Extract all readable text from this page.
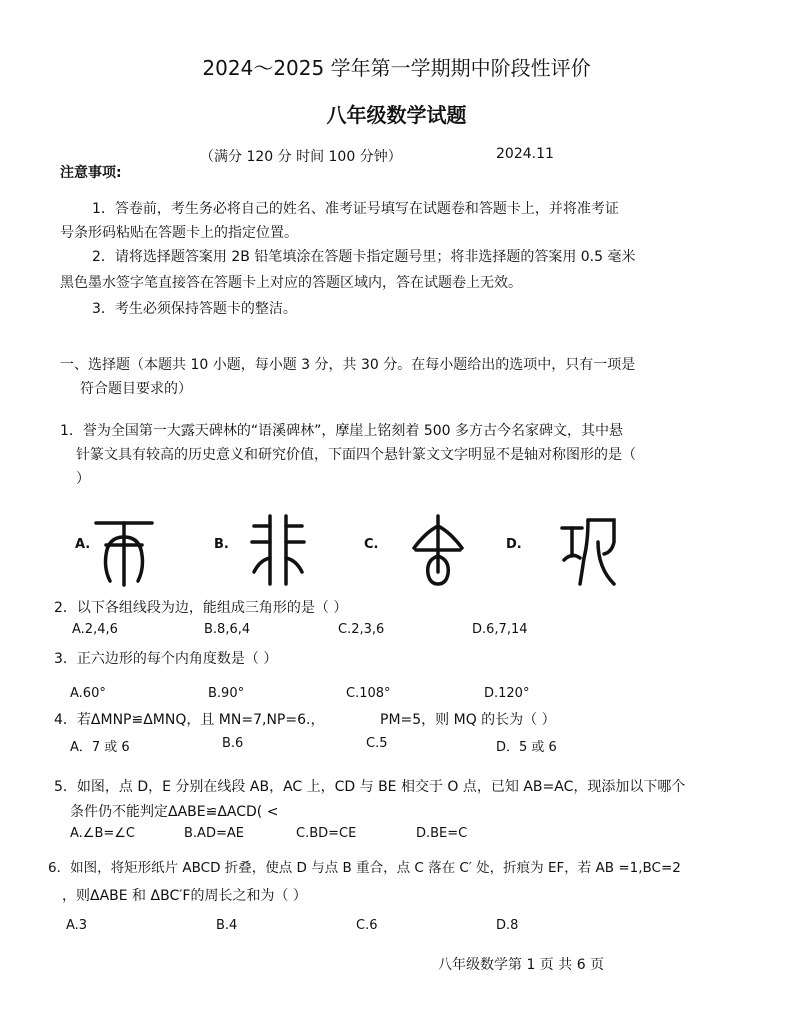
2024～2025 学年第一学期期中阶段性评价
八年级数学试题
（满分 120 分 时间 100 分钟）	2024.11
注意事项:
1．答卷前，考生务必将自己的姓名、准考证号填写在试题卷和答题卡上，并将准考证
号条形码粘贴在答题卡上的指定位置。
2．请将选择题答案用 2B 铅笔填涂在答题卡指定题号里；将非选择题的答案用 0.5 毫米
黑色墨水签字笔直接答在答题卡上对应的答题区域内，答在试题卷上无效。
3．考生必须保持答题卡的整洁。
一、选择题（本题共 10 小题，每小题 3 分，共 30 分。在每小题给出的选项中，只有一项是
符合题目要求的）
1．誉为全国第一大露天碑林的“语溪碑林”，摩崖上铭刻着 500 多方古今名家碑文，其中悬
针篆文具有较高的历史意义和研究价值，下面四个悬针篆文文字明显不是轴对称图形的是（
）
A.	B.	C.	D.
2．以下各组线段为边，能组成三角形的是（ ）
A.2,4,6	B.8,6,4	C.2,3,6	D.6,7,14
3．正六边形的每个内角度数是（ ）
A.60°	B.90°	C.108°	D.120°
4．若ΔMNP≌ΔMNQ，且 MN=7,NP=6.，	PM=5，则 MQ 的长为（ ）
A．7 或 6	B.6	C.5	D．5 或 6
5．如图，点 D，E 分别在线段 AB，AC 上，CD 与 BE 相交于 O 点，已知 AB=AC，现添加以下哪个
条件仍不能判定ΔABE≌ΔACD( <
A.∠B=∠C	B.AD=AE	C.BD=CE	D.BE=C
6．如图，将矩形纸片 ABCD 折叠，使点 D 与点 B 重合，点 C 落在 C′ 处，折痕为 EF，若 AB =1,BC=2
，则ΔABE 和 ΔBC′F的周长之和为（ ）
A.3	B.4	C.6	D.8
八年级数学第 1 页 共 6 页
